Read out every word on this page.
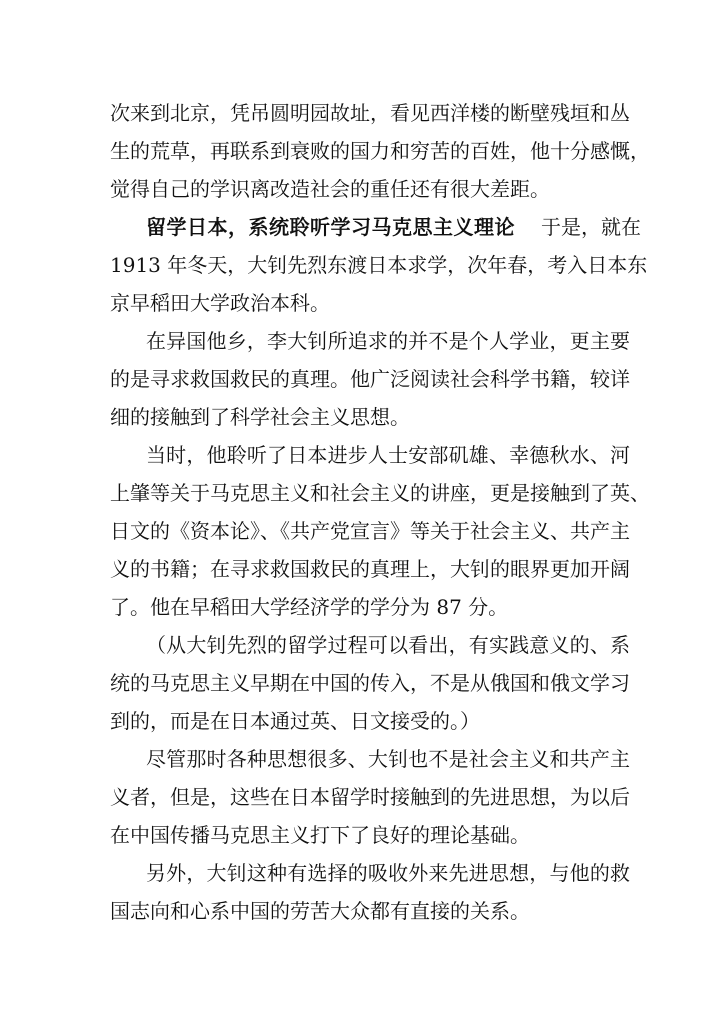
次来到北京，凭吊圆明园故址，看见西洋楼的断壁残垣和丛
生的荒草，再联系到衰败的国力和穷苦的百姓，他十分感慨，
觉得自己的学识离改造社会的重任还有很大差距。
留学日本，系统聆听学习马克思主义理论 于是，就在
1913 年冬天，大钊先烈东渡日本求学，次年春，考入日本东
京早稻田大学政治本科。
在异国他乡，李大钊所追求的并不是个人学业，更主要
的是寻求救国救民的真理。他广泛阅读社会科学书籍，较详
细的接触到了科学社会主义思想。
当时，他聆听了日本进步人士安部矶雄、幸德秋水、河
上肇等关于马克思主义和社会主义的讲座，更是接触到了英、
日文的《资本论》、《共产党宣言》等关于社会主义、共产主
义的书籍；在寻求救国救民的真理上，大钊的眼界更加开阔
了。他在早稻田大学经济学的学分为 87 分。
（从大钊先烈的留学过程可以看出，有实践意义的、系
统的马克思主义早期在中国的传入，不是从俄国和俄文学习
到的，而是在日本通过英、日文接受的。）
尽管那时各种思想很多、大钊也不是社会主义和共产主
义者，但是，这些在日本留学时接触到的先进思想，为以后
在中国传播马克思主义打下了良好的理论基础。
另外，大钊这种有选择的吸收外来先进思想，与他的救
国志向和心系中国的劳苦大众都有直接的关系。
